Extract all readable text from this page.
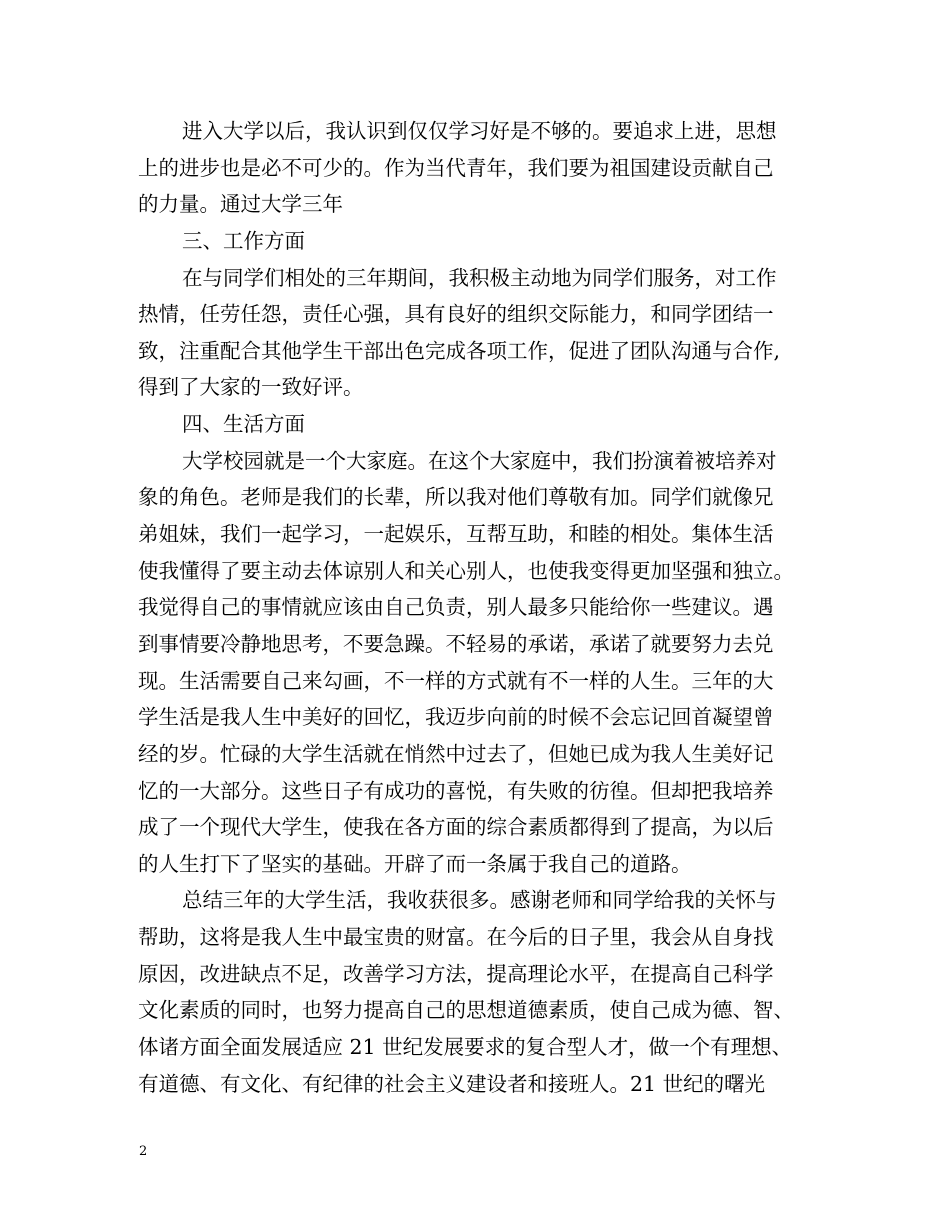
进入大学以后，我认识到仅仅学习好是不够的。要追求上进，思想
上的进步也是必不可少的。作为当代青年，我们要为祖国建设贡献自己
的力量。通过大学三年
三、工作方面
在与同学们相处的三年期间，我积极主动地为同学们服务，对工作
热情，任劳任怨，责任心强，具有良好的组织交际能力，和同学团结一
致，注重配合其他学生干部出色完成各项工作，促进了团队沟通与合作,
得到了大家的一致好评。
四、生活方面
大学校园就是一个大家庭。在这个大家庭中，我们扮演着被培养对
象的角色。老师是我们的长辈，所以我对他们尊敬有加。同学们就像兄
弟姐妹，我们一起学习，一起娱乐，互帮互助，和睦的相处。集体生活
使我懂得了要主动去体谅别人和关心别人，也使我变得更加坚强和独立。
我觉得自己的事情就应该由自己负责，别人最多只能给你一些建议。遇
到事情要冷静地思考，不要急躁。不轻易的承诺，承诺了就要努力去兑
现。生活需要自己来勾画，不一样的方式就有不一样的人生。三年的大
学生活是我人生中美好的回忆，我迈步向前的时候不会忘记回首凝望曾
经的岁。忙碌的大学生活就在悄然中过去了，但她已成为我人生美好记
忆的一大部分。这些日子有成功的喜悦，有失败的彷徨。但却把我培养
成了一个现代大学生，使我在各方面的综合素质都得到了提高，为以后
的人生打下了坚实的基础。开辟了而一条属于我自己的道路。
总结三年的大学生活，我收获很多。感谢老师和同学给我的关怀与
帮助，这将是我人生中最宝贵的财富。在今后的日子里，我会从自身找
原因，改进缺点不足，改善学习方法，提高理论水平，在提高自己科学
文化素质的同时，也努力提高自己的思想道德素质，使自己成为德、智、
体诸方面全面发展适应 21 世纪发展要求的复合型人才，做一个有理想、
有道德、有文化、有纪律的社会主义建设者和接班人。21 世纪的曙光
2
